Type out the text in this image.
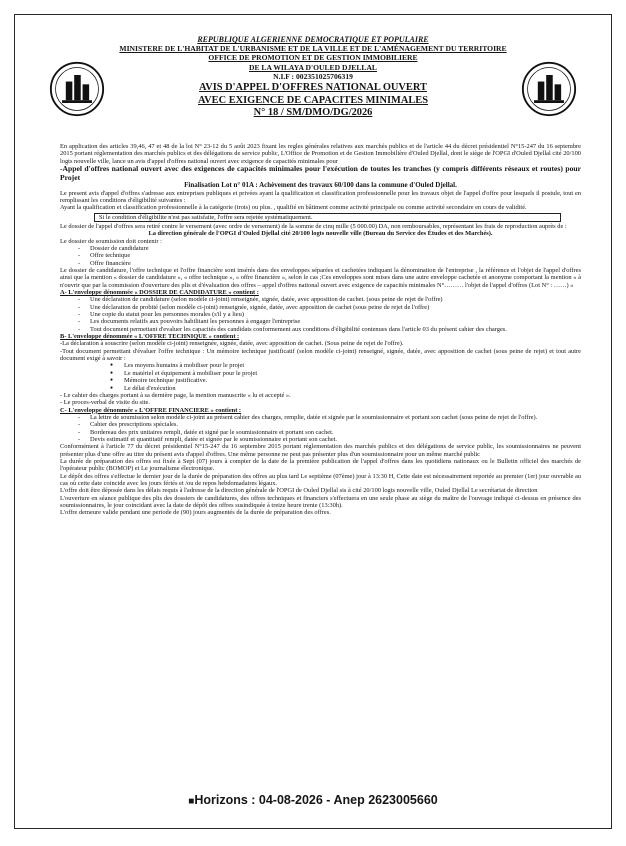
REPUBLIQUE ALGERIENNE DEMOCRATIQUE ET POPULAIRE
MINISTERE DE L'HABITAT DE L'URBANISME ET DE LA VILLE ET DE L'AMÉNAGEMENT DU TERRITOIRE
OFFICE DE PROMOTION ET DE GESTION IMMOBILIERE
DE LA WILAYA D'OULED DJELLAL
N.I.F : 002351025706319
AVIS D'APPEL D'OFFRES NATIONAL OUVERT
AVEC EXIGENCE DE CAPACITES MINIMALES
N° 18 / SM/DMO/DG/2026

En application des articles 39,46, 47 et 48 de la loi N° 23-12 du 5 août 2023 fixant les regles générales relatives aux marchés publics et de l'article 44 du décret présidentiel N°15-247 du 16 septembre 2015 portant réglementation des marchés publics et des délégations de service public, L'Office de Promotion et de Gestion Immobilière d'Ouled Djellal, dont le siège de l'OPGI d'Ouled Djellal cité 20/100 logts nouvelle ville, lance un avis d'appel d'offres national ouvert avec exigence de capacités minimales pour

-Appel d'offres national ouvert avec des exigences de capacités minimales pour l'exécution de toutes les tranches (y compris différents réseaux et routes) pour Projet

Finalisation Lot n° 01A : Achèvement des travaux 60/100 dans la commune d'Ouled Djellal.

Le present avis d'appel d'offres s'adresse aux entreprises publiques et privées ayant la qualification et classification professionnelle pour les travaux objet de l'appel d'offre pour lesquels il postule, tout en remplissant les conditions d'éligibilité suivantes :

Ayant la qualification et classification professionnelle à la catégorie (trois) ou plus. , qualifié en bâtiment comme activité principale ou comme activité secondaire en cours de validité.

Si le condition d'éligibilite n'est pas satisfaite, l'offre sera rejetée systématiquement.

Le dossier de l'appel d'offres sera retiré contre le versement (avec ordre de versement) de la somme de cinq mille (5 000.00) DA, non remboursables, représentant les frais de reproduction auprès de :

La direction générale de l'OPGI d'Ouled Djellal cité 20/100 logts nouvelle ville (Bureau du Service des Études et des Marchés).

Le dossier de soumission doit contenir :

- Dossier de candidature
- Offre technique
- Offre financière

Le dossier de candidature, l'offre technique et l'offre financière sont insérés dans des enveloppes séparées et cachetées indiquant la dénomination de l'entreprise , la référence et l'objet de l'appel d'offres ainsi que la mention « dossier de candidature », « offre technique », « offre financière », selon le cas ;Ces enveloppes sont mises dans une autre enveloppe cachetée et anonyme comportant la mention « à n'ouvrir que par la commission d'ouverture des plis et d'évaluation des offres – appel d'offres national ouvert avec exigence de capacités minimales N°……… l'objet de l'appel d'offres (Lot N° : ……) »

A- L'enveloppe dénommée « DOSSIER DE CANDIDATURE » contient :

- Une déclaration de candidature (selon modèle ci-joint) renseignée, signée, datée, avec apposition de cachet. (sous peine de rejet de l'offre)
- Une déclaration de probité (selon modèle ci-joint) renseignée, signée, datée, avec apposition de cachet (sous peine de rejet de l'offre)
- Une copie du statut pour les personnes morales (s'il y a lieu)
- Les documents relatifs aux pouvoirs habilitant les personnes à engager l'entreprise
- Tout document permettant d'evaluer les capacités des candidats conformement aux conditions d'éligibilité contenues dans l'article 03 du présent cahier des charges.

B- L'enveloppe dénommée « L'OFFRE TECHNIQUE » contient :

-La déclaration à souscrire (selon modèle ci-joint) renseignée, signée, datée, avec apposition de cachet. (Sous peine de rejet de l'offre).

-Tout document permettant d'évaluer l'offre technique : Un mémoire technique justificatif (selon modèle ci-joint) renseigné, signée, datée, avec apposition de cachet (sous peine de rejet) et tout autre document exigé à savoir :

● Les moyens humains à mobiliser pour le projet
● Le matériel et équipement à mobiliser pour le projet
● Mémoire technique justificative.
● Le délai d'exécution

- Le cahier des charges portant à sa dernière page, la mention manuscrite « lu et accepté ».

- Le proces-verbal de visite du site.

C- L'enveloppe dénommée « L'OFFRE FINANCIERE » contient :

- La lettre de soumission selon modèle ci-joint au présent cahier des charges, remplie, datée et signée par le soumissionnaire et portant son cachet (sous peine de rejet de l'offre).
- Cahier des prescriptions spéciales.
- Bordereau des prix unitaires rempli, datée et signé par le soumissionnaire et portant son cachet.
- Devis estimatif et quantitatif rempli, datée et signée par le soumissionnaire et portant son cachet.

Conformément à l'article 77 du décret présidentiel N°15-247 du 16 septembre 2015 portant réglementation des marchés publics et des délégations de service public, les soumissionnaires ne peuvent présenter plus d'une offre au titre du présent avis d'appel d'offres. Une même personne ne peut pas présenter plus d'un soumissionnaire pour un même marché public

La durée de préparation des offres est fixée à Sept (07) jours à compter de la date de la première publication de l'appel d'offres dans les quotidiens nationaux ou le Bulletin officiel des marchés de l'opérateur public (BOMOP) et Le journalisme électronique.

Le dépôt des offres s'effectue le dernier jour de la durée de préparation des offres au plus tard Le septième (07ème) jour à 13:30 H, Cette date est nécessairement reportée au premier (1er) jour ouvrable au cas où cette date coincide avec les jours fériés et /ou de repos hebdomadaires légaux.

L'offre doit être déposée dans les délais requis à l'adresse de la direction générale de l'OPGI de Ouled Djellal sis à cité 20/100 logts nouvelle ville, Ouled Djellal Le secrétariat de direction

L'ouverture en séance publique des plis des dossiers de candidatures, des offres techniques et financiers s'effectuera en une seule phase au siège du maître de l'ouvrage indiqué ci-dessus en présence des soumissionnaires, le jour coincidant avec la date de dépôt des offres susindiquée à treize heure trente (13:30h).

L'offre demeure valide pendant une periode de (90) jours augmentés de la durée de préparation des offres.

■Horizons : 04-08-2026 - Anep 2623005660
